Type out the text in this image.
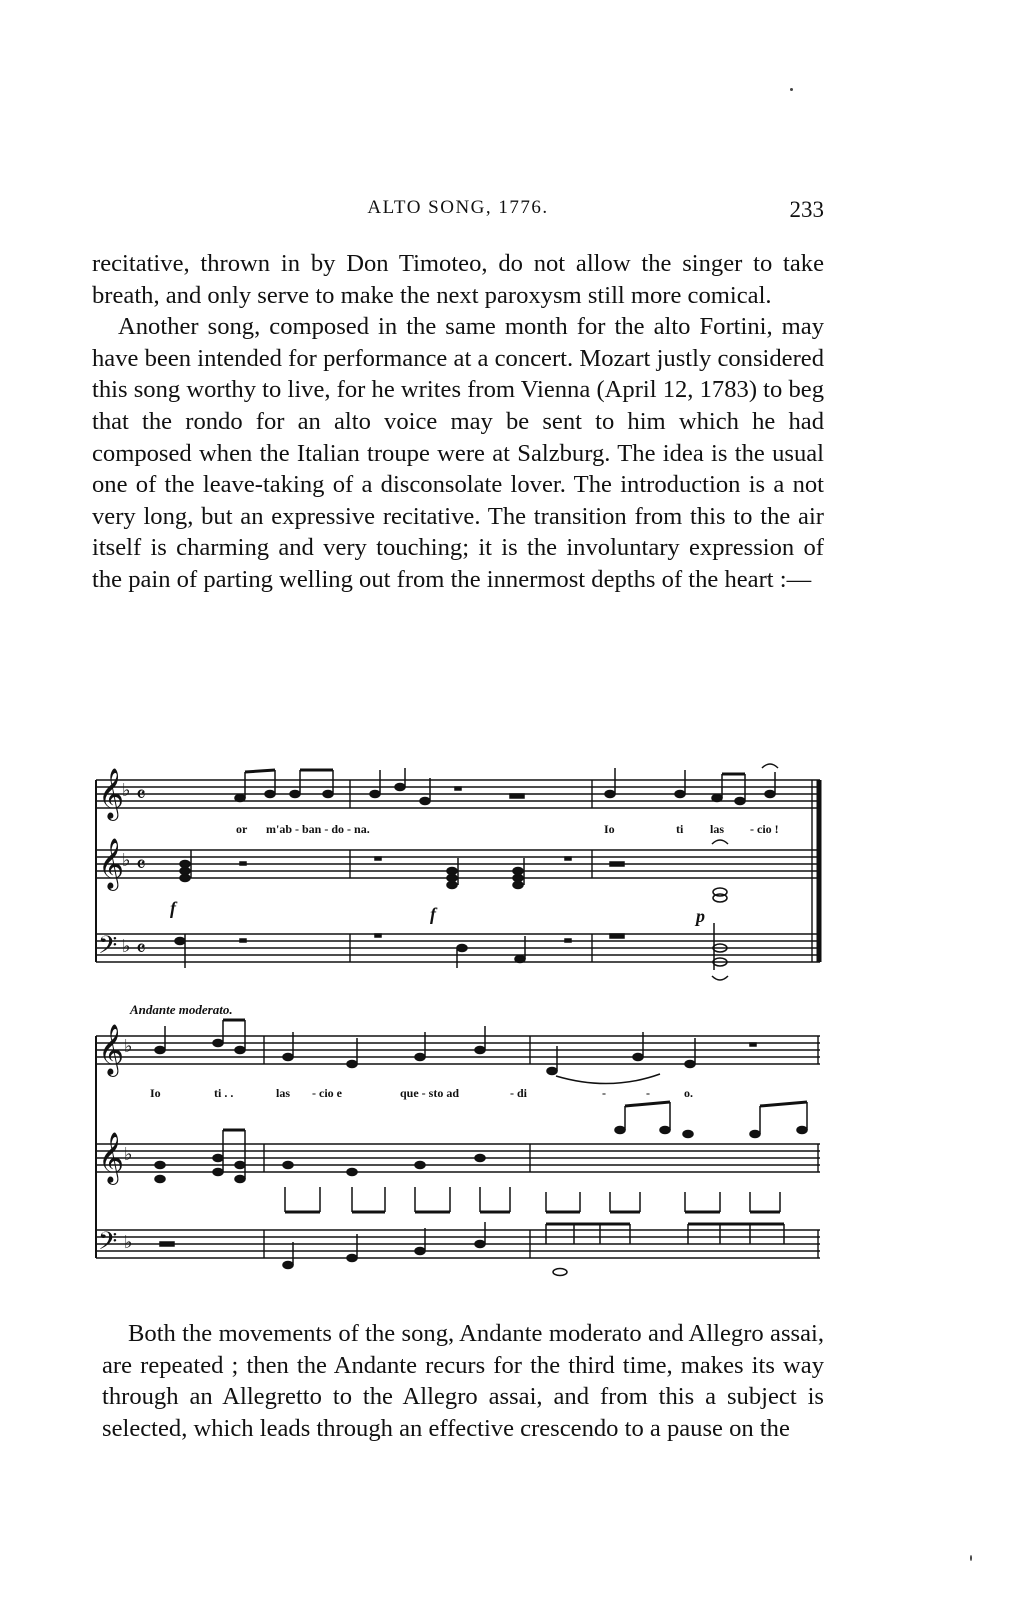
ALTO SONG, 1776.	233

recitative, thrown in by Don Timoteo, do not allow the singer to take breath, and only serve to make the next paroxysm still more comical.

Another song, composed in the same month for the alto Fortini, may have been intended for performance at a concert. Mozart justly considered this song worthy to live, for he writes from Vienna (April 12, 1783) to beg that the rondo for an alto voice may be sent to him which he had composed when the Italian troupe were at Salzburg. The idea is the usual one of the leave-taking of a disconsolate lover. The introduction is a not very long, but an expressive recitative. The transition from this to the air itself is charming and very touching; it is the involuntary expression of the pain of parting welling out from the innermost depths of the heart :—

𝄞
𝄞
𝄢
♭
♭
♭
𝄴
𝄴
𝄴
or m'ab - ban - do - na.	Io	ti las - cio !
f	f	p
Andante moderato.
𝄞
𝄞
𝄢
♭
♭
♭
Io	ti . .	las - cio e	que - sto ad	- di	-	-	o.

Both the movements of the song, Andante moderato and Allegro assai, are repeated ; then the Andante recurs for the third time, makes its way through an Allegretto to the Allegro assai, and from this a subject is selected, which leads through an effective crescendo to a pause on the
